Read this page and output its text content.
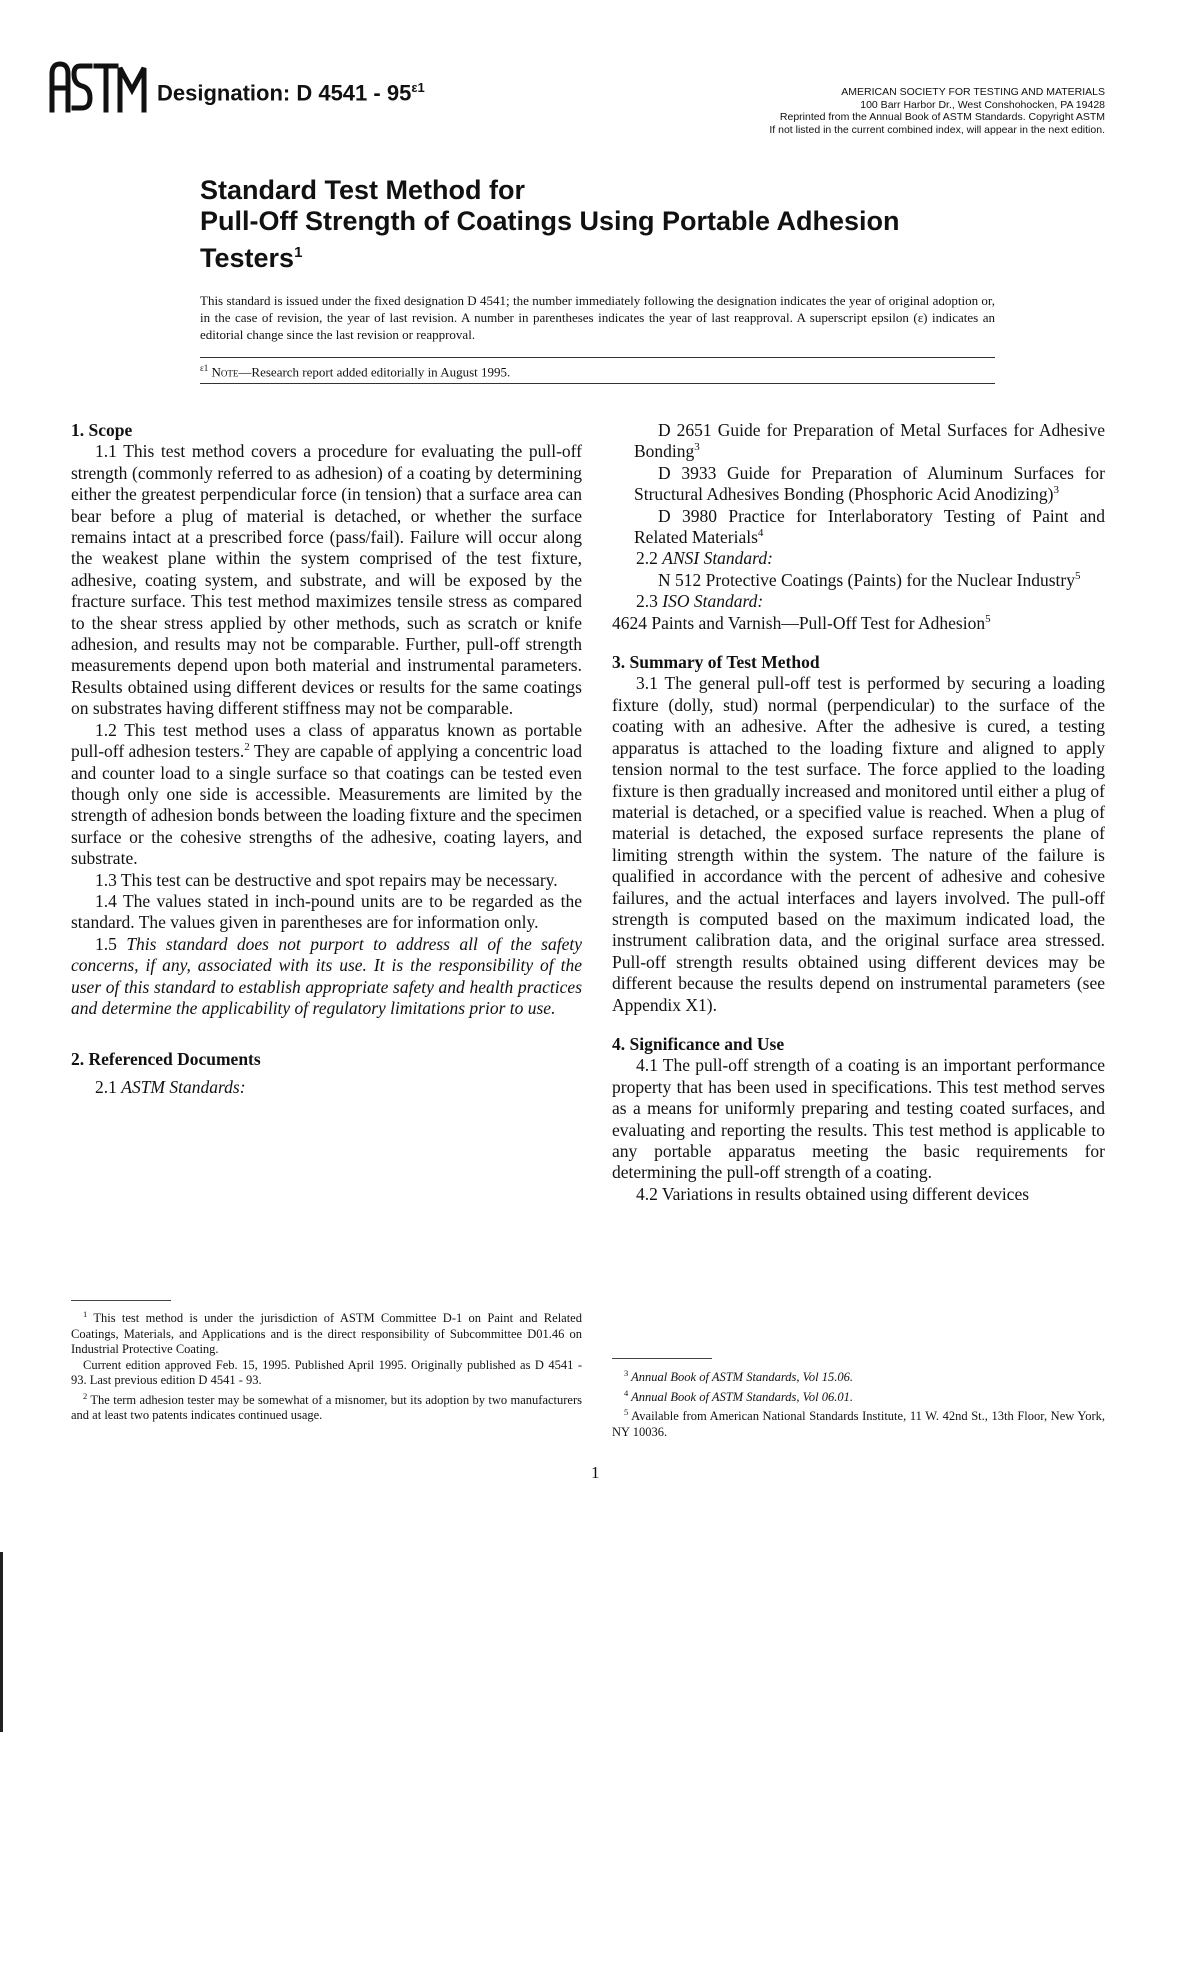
Designation: D $4541 - 95^{\varepsilon 1}$	AMERICAN SOCIETY FOR TESTING AND MATERIALS
100 Barr Harbor Dr., West Conshohocken, PA 19428
Reprinted from the Annual Book of ASTM Standards. Copyright ASTM
If not listed in the current combined index, will appear in the next edition.
Standard Test Method for
Pull-Off Strength of Coatings Using Portable Adhesion
Testers$^1$
This standard is issued under the fixed designation D 4541; the number immediately following the designation indicates the year of original adoption or, in the case of revision, the year of last revision. A number in parentheses indicates the year of last reapproval. A superscript epsilon (ε) indicates an editorial change since the last revision or reapproval.
$^{\varepsilon 1}$ Note—Research report added editorially in August 1995.
1. Scope

1.1 This test method covers a procedure for evaluating the pull-off strength (commonly referred to as adhesion) of a coating by determining either the greatest perpendicular force (in tension) that a surface area can bear before a plug of material is detached, or whether the surface remains intact at a prescribed force (pass/fail). Failure will occur along the weakest plane within the system comprised of the test fixture, adhesive, coating system, and substrate, and will be exposed by the fracture surface. This test method maximizes tensile stress as compared to the shear stress applied by other methods, such as scratch or knife adhesion, and results may not be comparable. Further, pull-off strength measurements depend upon both material and instrumental parameters. Results obtained using different devices or results for the same coatings on substrates having different stiffness may not be comparable.

1.2 This test method uses a class of apparatus known as portable pull-off adhesion testers.$^2$ They are capable of applying a concentric load and counter load to a single surface so that coatings can be tested even though only one side is accessible. Measurements are limited by the strength of adhesion bonds between the loading fixture and the specimen surface or the cohesive strengths of the adhesive, coating layers, and substrate.

1.3 This test can be destructive and spot repairs may be necessary.

1.4 The values stated in inch-pound units are to be regarded as the standard. The values given in parentheses are for information only.

1.5 This standard does not purport to address all of the safety concerns, if any, associated with its use. It is the responsibility of the user of this standard to establish appropriate safety and health practices and determine the applicability of regulatory limitations prior to use.

2. Referenced Documents

2.1 ASTM Standards:

D 2651 Guide for Preparation of Metal Surfaces for Adhesive Bonding$^3$

D 3933 Guide for Preparation of Aluminum Surfaces for Structural Adhesives Bonding (Phosphoric Acid Anodizing)$^3$

D 3980 Practice for Interlaboratory Testing of Paint and Related Materials$^4$

2.2 ANSI Standard:

N 512 Protective Coatings (Paints) for the Nuclear Industry$^5$

2.3 ISO Standard:

4624 Paints and Varnish—Pull-Off Test for Adhesion$^5$

3. Summary of Test Method

3.1 The general pull-off test is performed by securing a loading fixture (dolly, stud) normal (perpendicular) to the surface of the coating with an adhesive. After the adhesive is cured, a testing apparatus is attached to the loading fixture and aligned to apply tension normal to the test surface. The force applied to the loading fixture is then gradually increased and monitored until either a plug of material is detached, or a specified value is reached. When a plug of material is detached, the exposed surface represents the plane of limiting strength within the system. The nature of the failure is qualified in accordance with the percent of adhesive and cohesive failures, and the actual interfaces and layers involved. The pull-off strength is computed based on the maximum indicated load, the instrument calibration data, and the original surface area stressed. Pull-off strength results obtained using different devices may be different because the results depend on instrumental parameters (see Appendix X1).

4. Significance and Use

4.1 The pull-off strength of a coating is an important performance property that has been used in specifications. This test method serves as a means for uniformly preparing and testing coated surfaces, and evaluating and reporting the results. This test method is applicable to any portable apparatus meeting the basic requirements for determining the pull-off strength of a coating.

4.2 Variations in results obtained using different devices

$^1$ This test method is under the jurisdiction of ASTM Committee D-1 on Paint and Related Coatings, Materials, and Applications and is the direct responsibility of Subcommittee D01.46 on Industrial Protective Coating.

Current edition approved Feb. 15, 1995. Published April 1995. Originally published as D 4541 - 93. Last previous edition D 4541 - 93.

$^2$ The term adhesion tester may be somewhat of a misnomer, but its adoption by two manufacturers and at least two patents indicates continued usage.

$^3$ Annual Book of ASTM Standards, Vol 15.06.

$^4$ Annual Book of ASTM Standards, Vol 06.01.

$^5$ Available from American National Standards Institute, 11 W. 42nd St., 13th Floor, New York, NY 10036.

1
